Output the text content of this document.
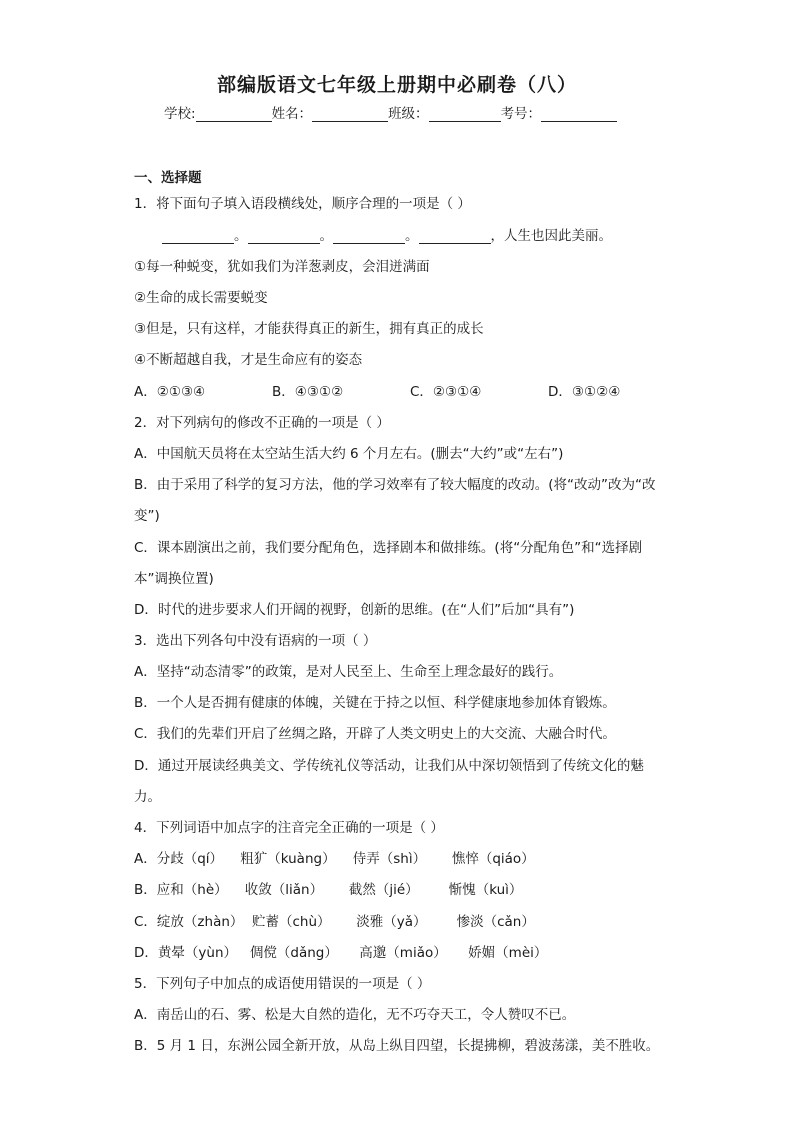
部编版语文七年级上册期中必刷卷（八）
学校:	姓名：	班级：	考号：
一、选择题
1．将下面句子填入语段横线处，顺序合理的一项是（ ）
。	。	。	，人生也因此美丽。
①每一种蜕变，犹如我们为洋葱剥皮，会泪迸满面
②生命的成长需要蜕变
③但是，只有这样，才能获得真正的新生，拥有真正的成长
④不断超越自我，才是生命应有的姿态
A．②①③④	B．④③①②	C．②③①④	D．③①②④
2．对下列病句的修改不正确的一项是（ ）
A．中国航天员将在太空站生活大约 6 个月左右。(删去“大约”或“左右”)
B．由于采用了科学的复习方法，他的学习效率有了较大幅度的改动。(将“改动”改为“改
变”)
C．课本剧演出之前，我们要分配角色，选择剧本和做排练。(将“分配角色”和“选择剧
本”调换位置)
D．时代的进步要求人们开阔的视野，创新的思维。(在“人们”后加“具有”)
3．选出下列各句中没有语病的一项（ ）
A．坚持“动态清零”的政策，是对人民至上、生命至上理念最好的践行。
B．一个人是否拥有健康的体魄，关键在于持之以恒、科学健康地参加体育锻炼。
C．我们的先辈们开启了丝绸之路，开辟了人类文明史上的大交流、大融合时代。
D．通过开展读经典美文、学传统礼仪等活动，让我们从中深切领悟到了传统文化的魅
力。
4．下列词语中加点字的注音完全正确的一项是（ ）
A．分歧（qí）    粗犷（kuàng）    侍弄（shì）      憔悴（qiáo）
B．应和（hè）    收敛（liǎn）      截然（jié）       惭愧（kuì）
C．绽放（zhàn）  贮蓄（chù）      淡雅（yǎ）       惨淡（cǎn）
D．黄晕（yùn）   倜傥（dǎng）     高邈（miǎo）     娇媚（mèi）
5．下列句子中加点的成语使用错误的一项是（ ）
A．南岳山的石、雾、松是大自然的造化，无不巧夺天工，令人赞叹不已。
B．5 月 1 日，东洲公园全新开放，从岛上纵目四望，长提拂柳，碧波荡漾，美不胜收。
